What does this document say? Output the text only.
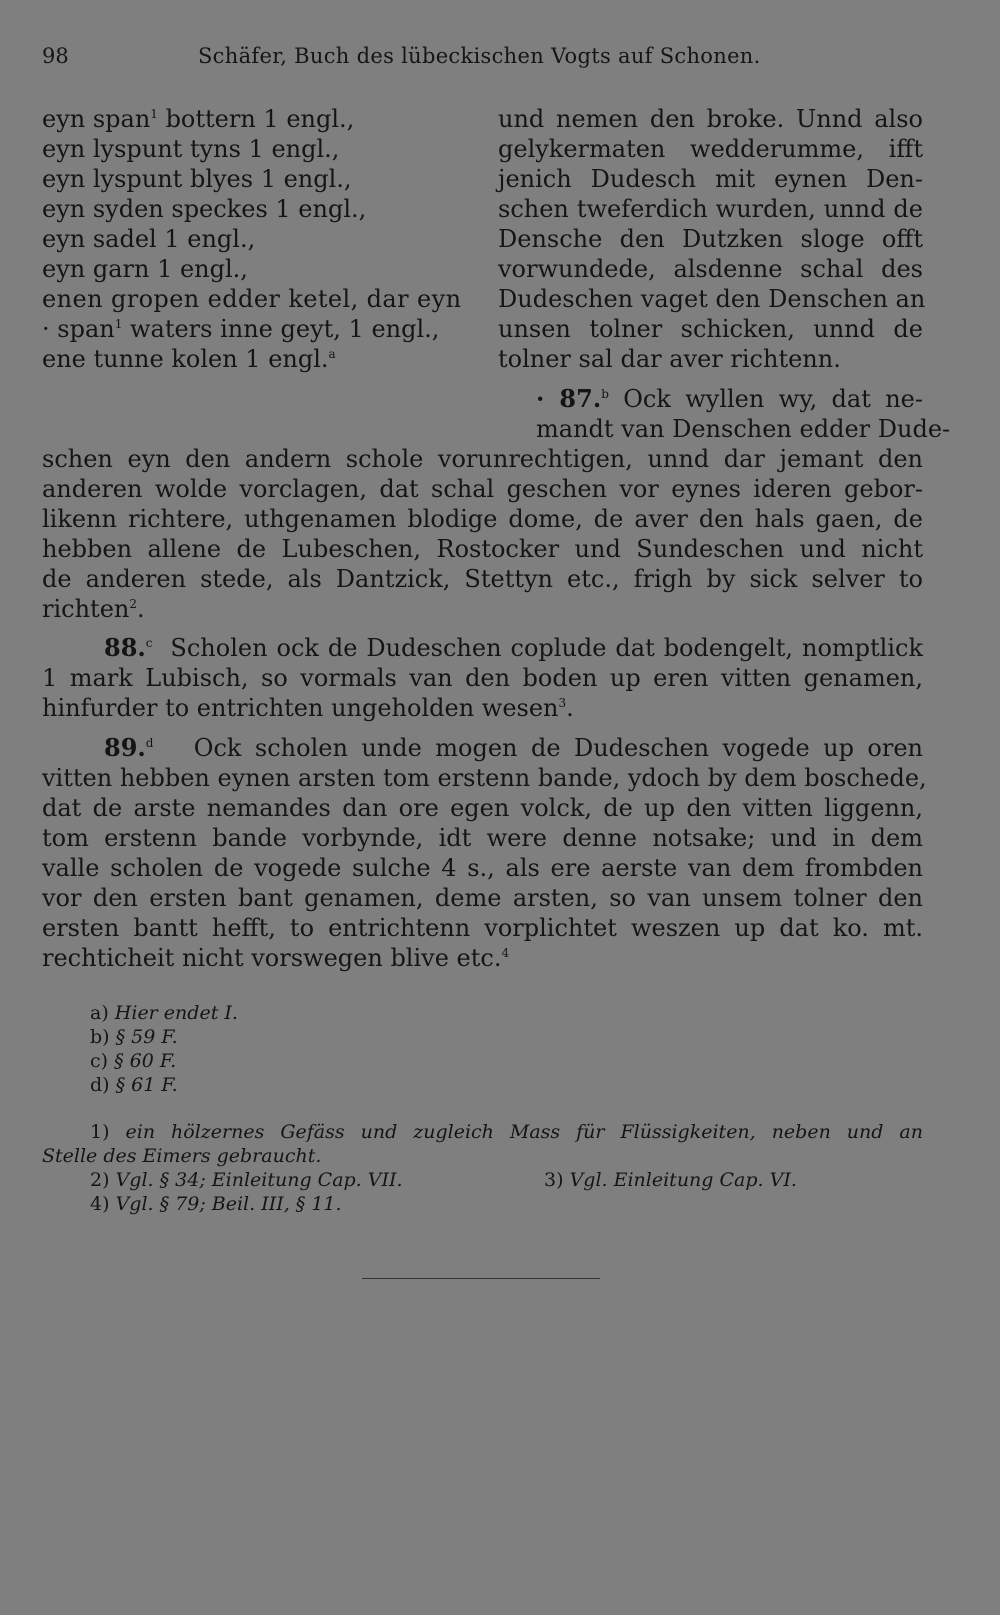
98	Schäfer, Buch des lübeckischen Vogts auf Schonen.
eyn span$^1$ bottern 1 engl.,
eyn lyspunt tyns 1 engl.,
eyn lyspunt blyes 1 engl.,
eyn syden speckes 1 engl.,
eyn sadel 1 engl.,
eyn garn 1 engl.,
enen gropen edder ketel, dar eyn
· span$^1$ waters inne geyt, 1 engl.,
ene tunne kolen 1 engl.$^a$
und nemen den broke. Unnd also
gelykermaten wedderumme, ifft
jenich Dudesch mit eynen Den-
schen tweferdich wurden, unnd de
Densche den Dutzken sloge offt
vorwundede, alsdenne schal des
Dudeschen vaget den Denschen an
unsen tolner schicken, unnd de
tolner sal dar aver richtenn.
· 87.$^b$ Ock wyllen wy, dat ne-
mandt van Denschen edder Dude-
schen eyn den andern schole vorunrechtigen, unnd dar jemant den
anderen wolde vorclagen, dat schal geschen vor eynes ideren gebor-
likenn richtere, uthgenamen blodige dome, de aver den hals gaen, de
hebben allene de Lubeschen, Rostocker und Sundeschen und nicht
de anderen stede, als Dantzick, Stettyn etc., frigh by sick selver to
richten$^2$.
88.$^c$ Scholen ock de Dudeschen coplude dat bodengelt, nomptlick
1 mark Lubisch, so vormals van den boden up eren vitten genamen,
hinfurder to entrichten ungeholden wesen$^3$.
89.$^d$ Ock scholen unde mogen de Dudeschen vogede up oren
vitten hebben eynen arsten tom erstenn bande, ydoch by dem boschede,
dat de arste nemandes dan ore egen volck, de up den vitten liggenn,
tom erstenn bande vorbynde, idt were denne notsake; und in dem
valle scholen de vogede sulche 4 s., als ere aerste van dem frombden
vor den ersten bant genamen, deme arsten, so van unsem tolner den
ersten bantt hefft, to entrichtenn vorplichtet weszen up dat ko. mt.
rechticheit nicht vorswegen blive etc.$^4$
a) Hier endet I.
b) § 59 F.
c) § 60 F.
d) § 61 F.
1) ein hölzernes Gefäss und zugleich Mass für Flüssigkeiten, neben und an
Stelle des Eimers gebraucht.
2) Vgl. § 34; Einleitung Cap. VII.	3) Vgl. Einleitung Cap. VI.
4) Vgl. § 79; Beil. III, § 11.
